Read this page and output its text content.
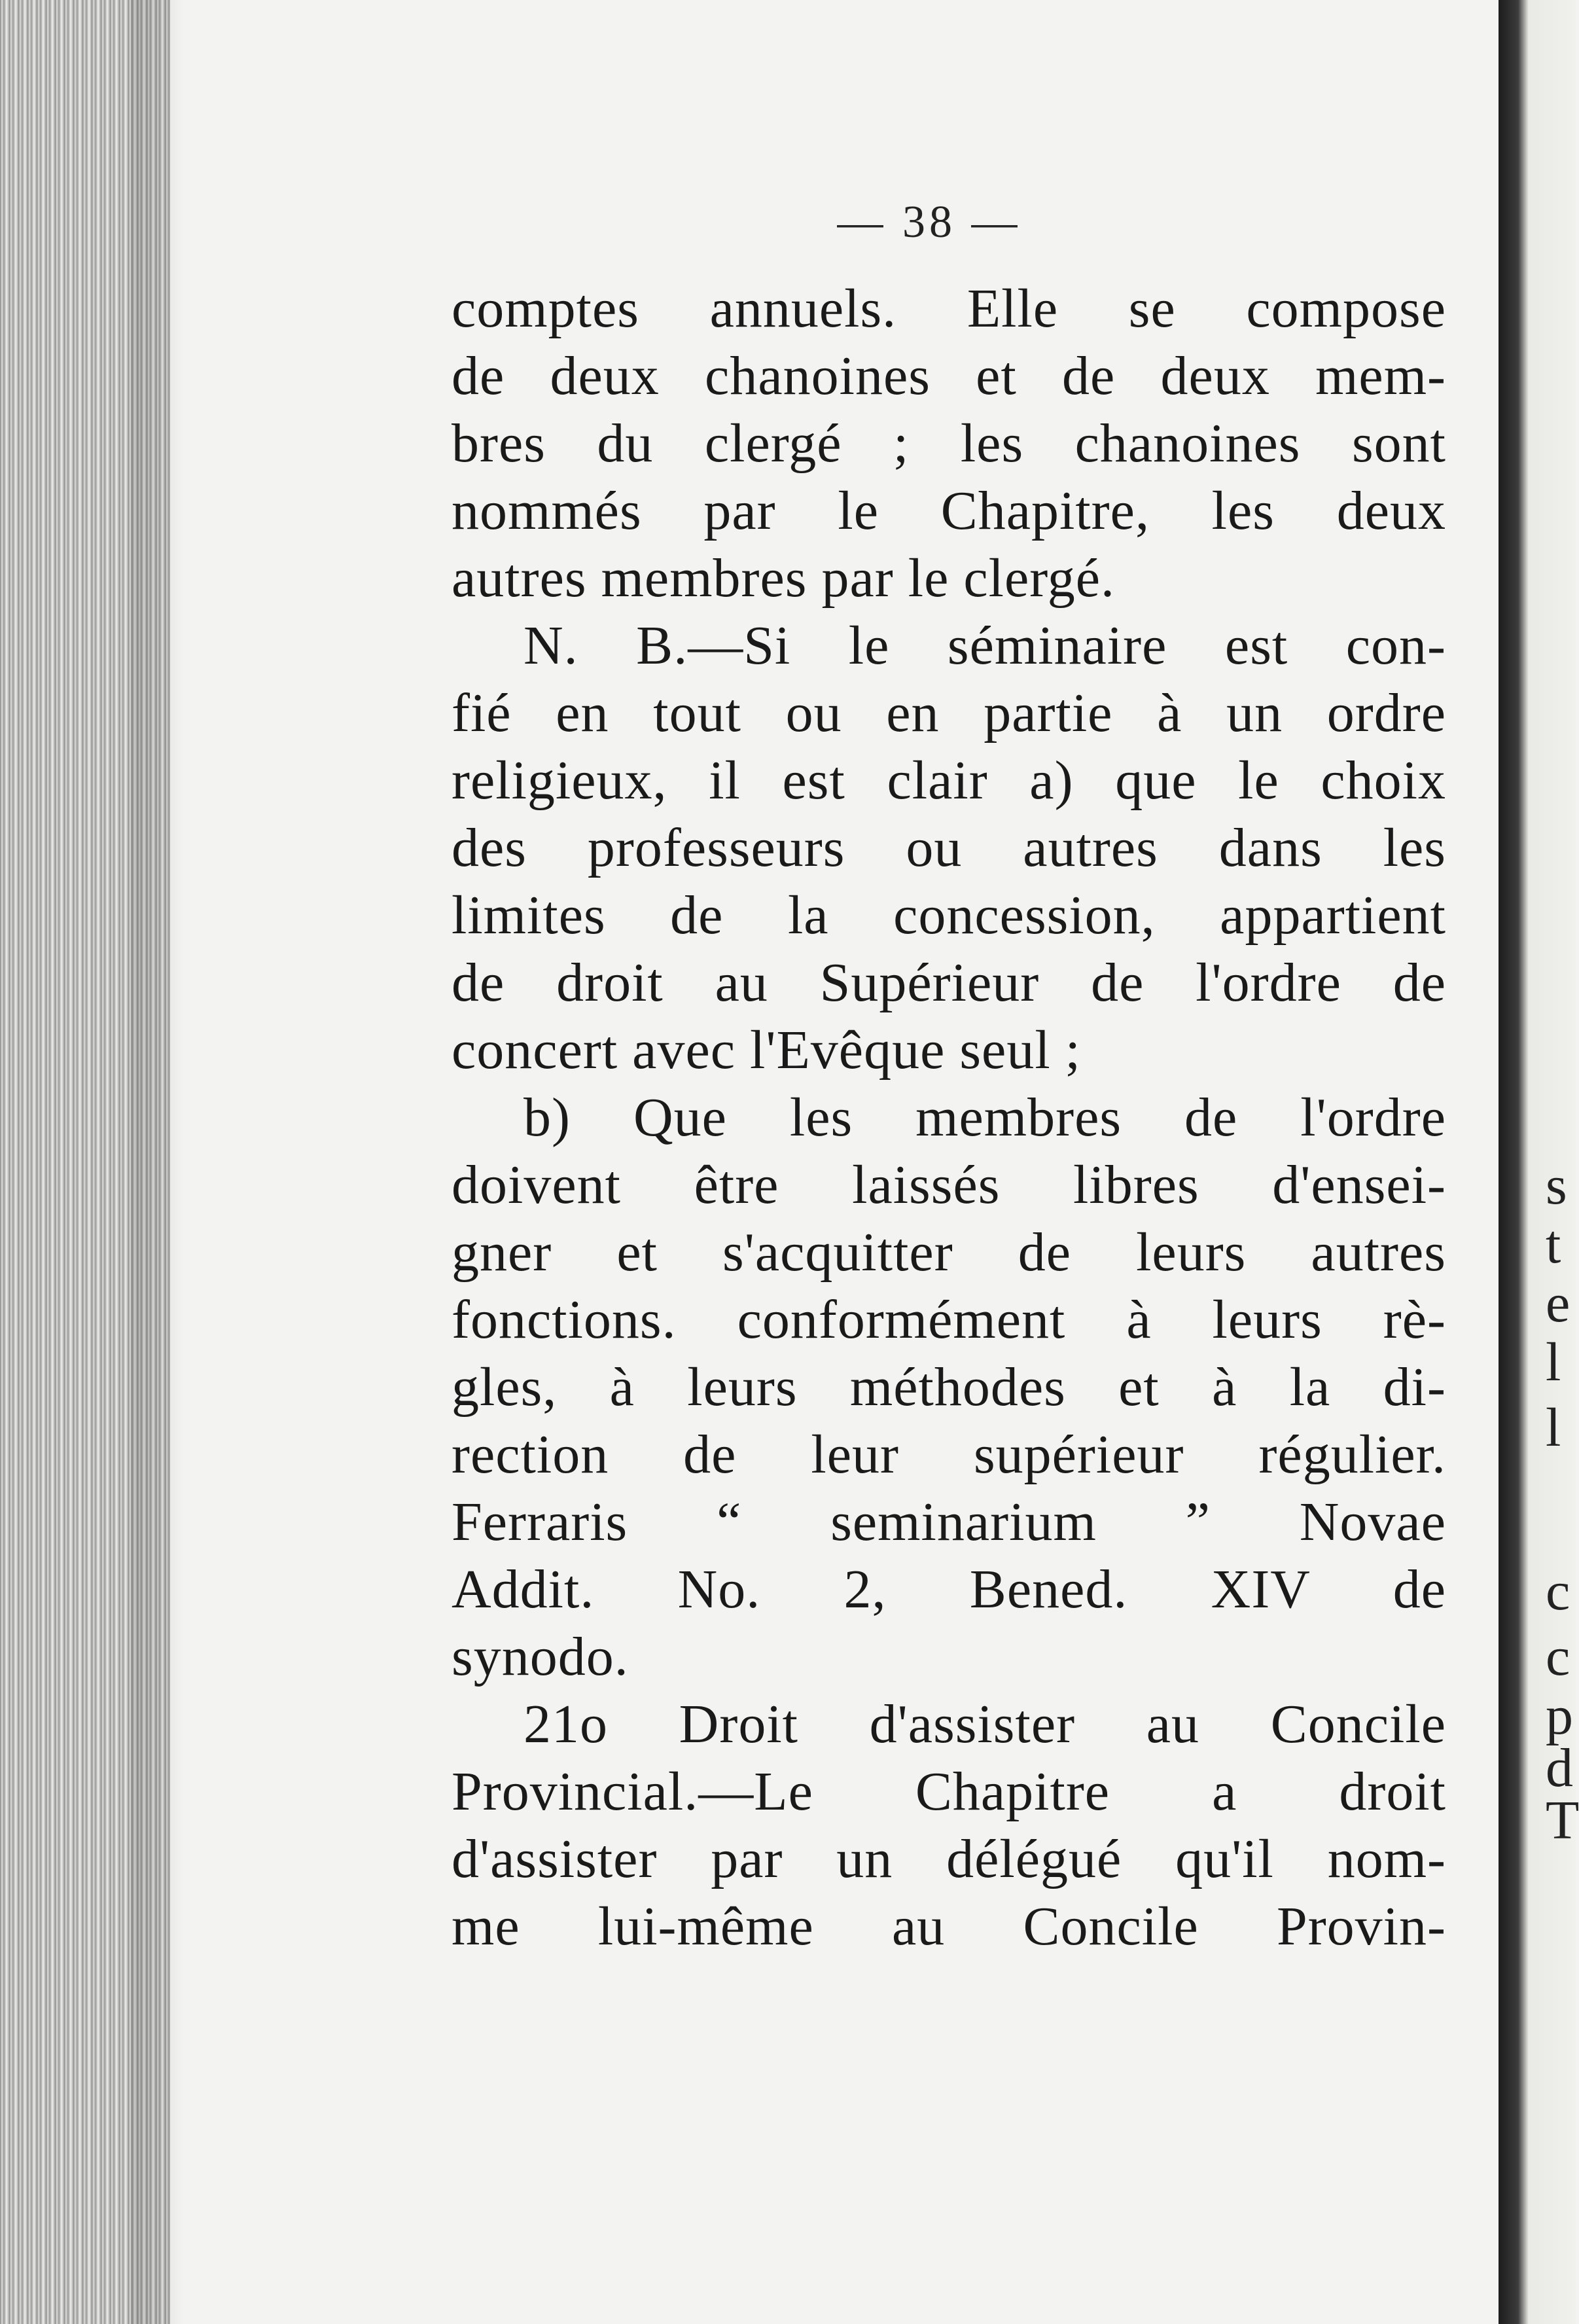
s
t
e
l
l
c
c
p
d
T
— 38 —
comptes annuels. Elle se compose
de deux chanoines et de deux mem-
bres du clergé ; les chanoines sont
nommés par le Chapitre, les deux
autres membres par le clergé.
N. B.—Si le séminaire est con-
fié en tout ou en partie à un ordre
religieux, il est clair a) que le choix
des professeurs ou autres dans les
limites de la concession, appartient
de droit au Supérieur de l'ordre de
concert avec l'Evêque seul ;
b) Que les membres de l'ordre
doivent être laissés libres d'ensei-
gner et s'acquitter de leurs autres
fonctions. conformément à leurs rè-
gles, à leurs méthodes et à la di-
rection de leur supérieur régulier.
Ferraris “ seminarium ” Novae
Addit. No. 2, Bened. XIV de
synodo.
21o Droit d'assister au Concile
Provincial.—Le Chapitre a droit
d'assister par un délégué qu'il nom-
me lui-même au Concile Provin-
